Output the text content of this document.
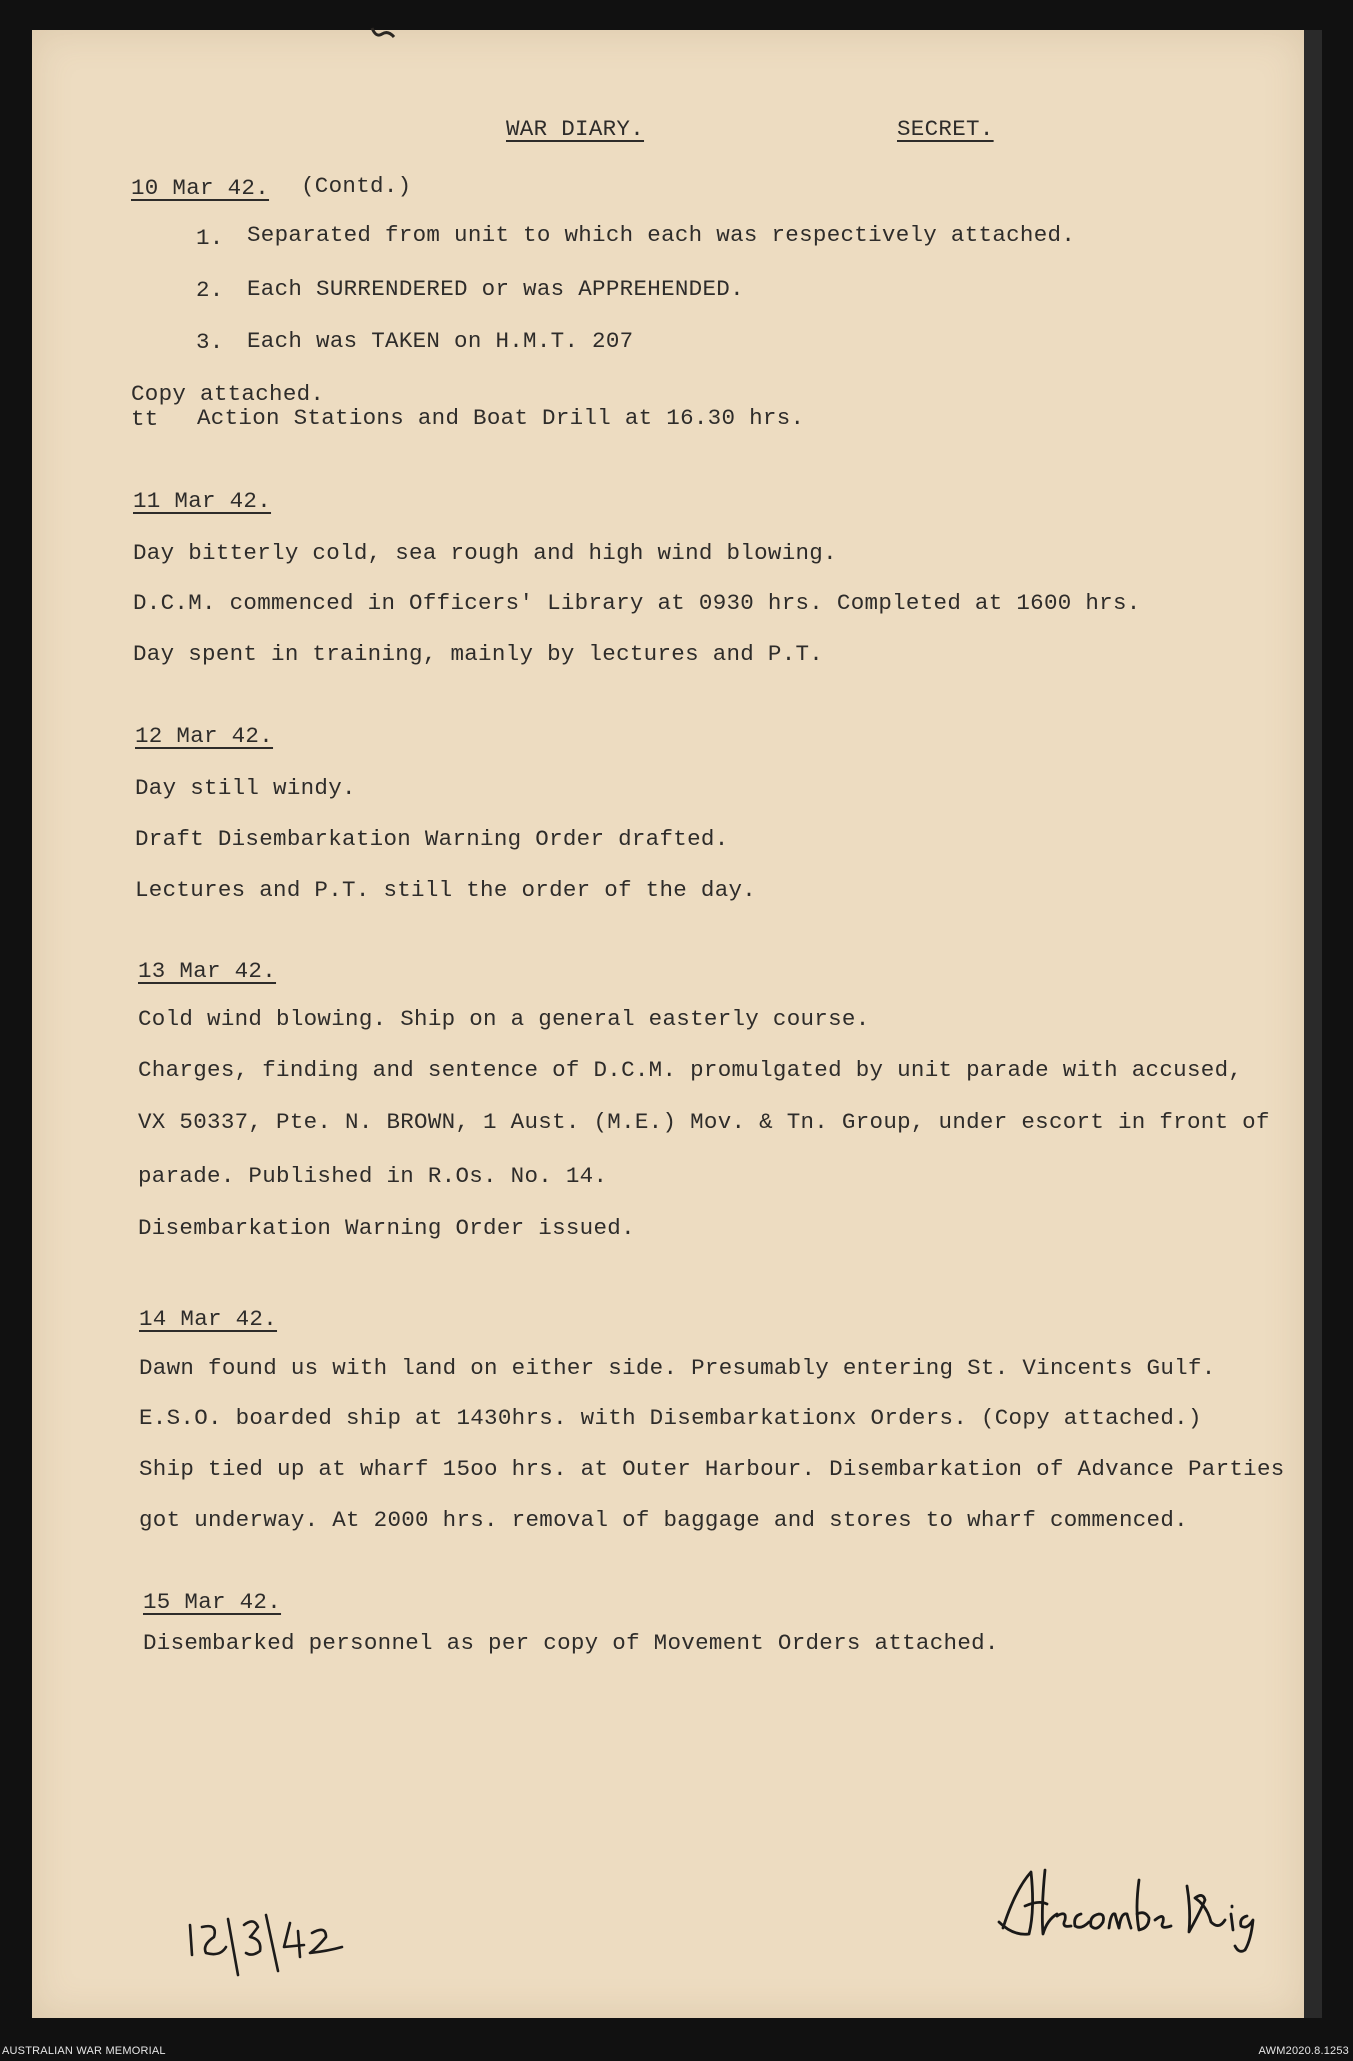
WAR DIARY.	SECRET.
10 Mar 42. (Contd.)
1. Separated from unit to which each was respectively attached.
2. Each SURRENDERED or was APPREHENDED.
3. Each was TAKEN on H.M.T. 207
Copy attached.
tt Action Stations and Boat Drill at 16.30 hrs.
11 Mar 42.
Day bitterly cold, sea rough and high wind blowing.
D.C.M. commenced in Officers' Library at 0930 hrs. Completed at 1600 hrs.
Day spent in training, mainly by lectures and P.T.
12 Mar 42.
Day still windy.
Draft Disembarkation Warning Order drafted.
Lectures and P.T. still the order of the day.
13 Mar 42.
Cold wind blowing. Ship on a general easterly course.
Charges, finding and sentence of D.C.M. promulgated by unit parade with accused,
VX 50337, Pte. N. BROWN, 1 Aust. (M.E.) Mov. & Tn. Group, under escort in front of
parade. Published in R.Os. No. 14.
Disembarkation Warning Order issued.
14 Mar 42.
Dawn found us with land on either side. Presumably entering St. Vincents Gulf.
E.S.O. boarded ship at 1430hrs. with Disembarkationx Orders. (Copy attached.)
Ship tied up at wharf 15oo hrs. at Outer Harbour. Disembarkation of Advance Parties
got underway. At 2000 hrs. removal of baggage and stores to wharf commenced.
15 Mar 42.
Disembarked personnel as per copy of Movement Orders attached.
AUSTRALIAN WAR MEMORIAL	AWM2020.8.1253
